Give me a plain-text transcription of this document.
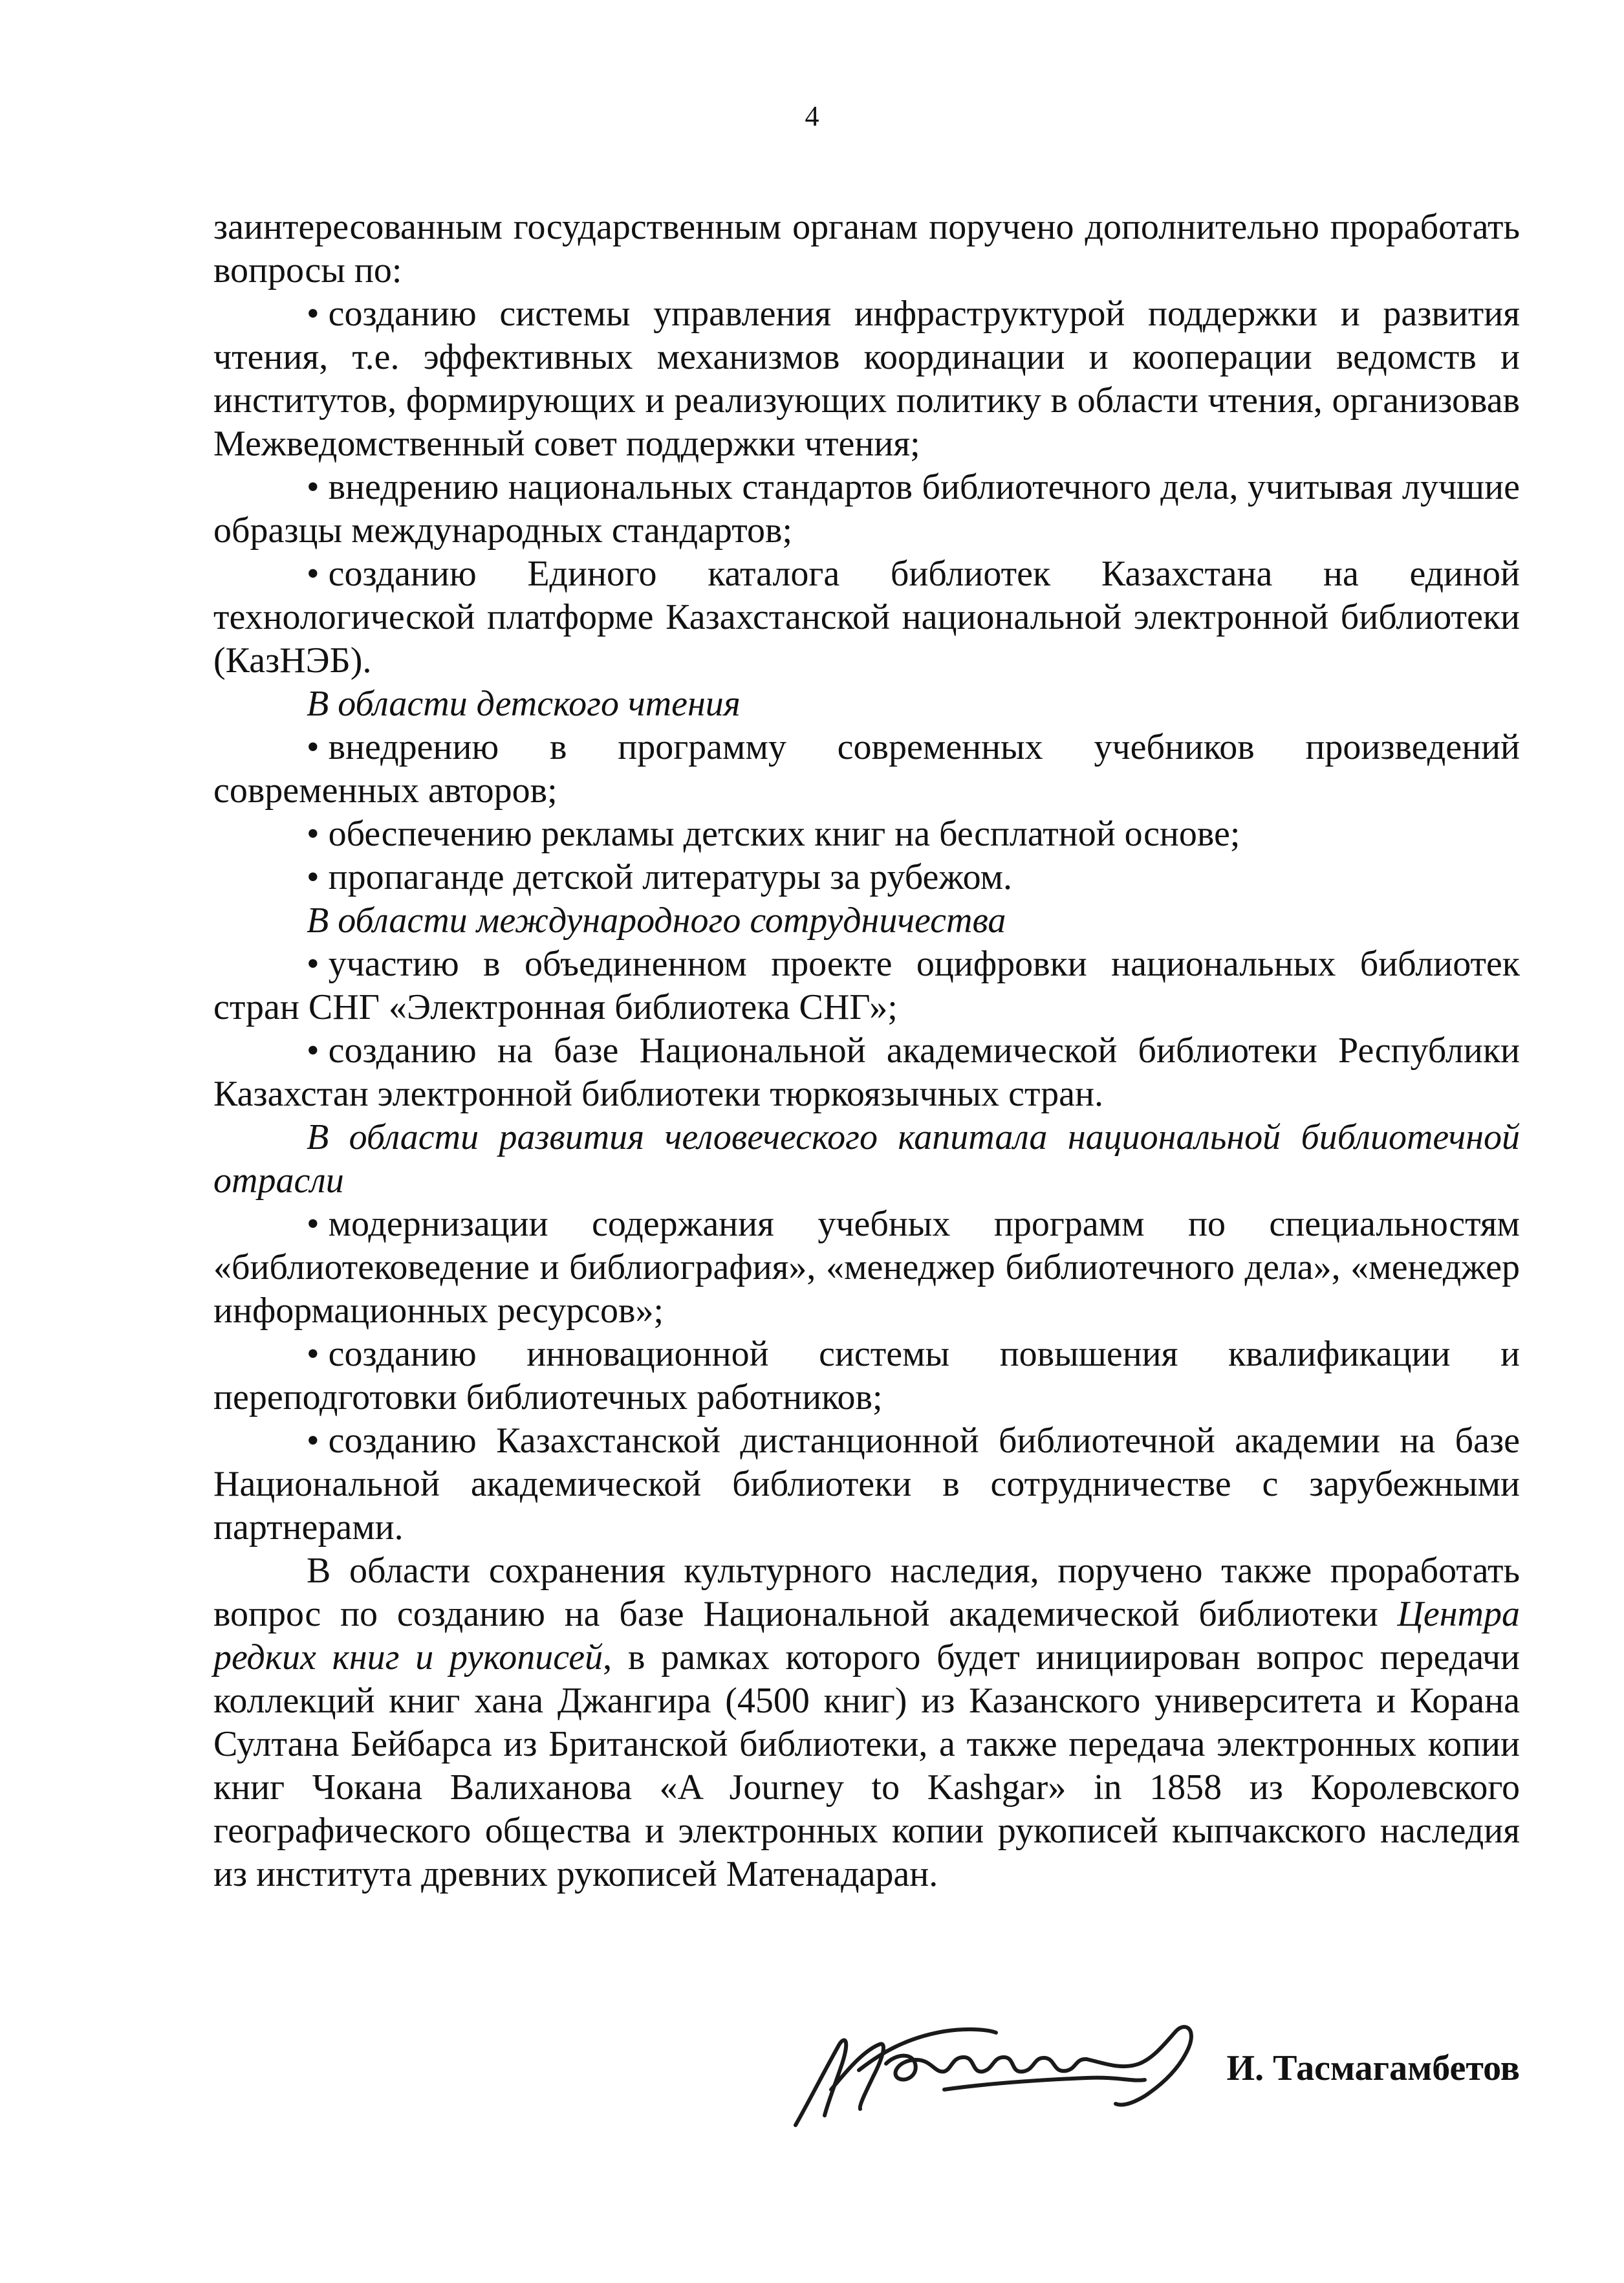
4

заинтересованным государственным органам поручено дополнительно проработать вопросы по:

• создaнию системы управления инфраструктурой поддержки и развития чтения, т.е. эффективных механизмов координации и кооперации ведомств и институтов, формирующих и реализующих политику в области чтения, организовав Межведомственный совет поддержки чтения;

• внедрению национальных стандартов библиотечного дела, учитывая лучшие образцы международных стандартов;

• созданию Единого каталога библиотек Казахстана на единой технологической платформе Казахстанской национальной электронной библиотеки (КазНЭБ).

В области детского чтения

• внедрению в программу современных учебников произведений современных авторов;

• обеспечению рекламы детских книг на бесплатной основе;

• пропаганде детской литературы за рубежом.

В области международного сотрудничества

• участию в объединенном проекте оцифровки национальных библиотек стран СНГ «Электронная библиотека СНГ»;

• созданию на базе Национальной академической библиотеки Республики Казахстан электронной библиотеки тюркоязычных стран.

В области развития человеческого капитала национальной библиотечной отрасли

• модернизации содержания учебных программ по специальностям «библиотековедение и библиография», «менеджер библиотечного дела», «менеджер информационных ресурсов»;

• созданию инновационной системы повышения квалификации и переподготовки библиотечных работников;

• созданию Казахстанской дистанционной библиотечной академии на базе Национальной академической библиотеки в сотрудничестве с зарубежными партнерами.

В области сохранения культурного наследия, поручено также проработать вопрос по созданию на базе Национальной академической библиотеки Центра редких книг и рукописей, в рамках которого будет инициирован вопрос передачи коллекций книг хана Джангира (4500 книг) из Казанского университета и Корана Султана Бейбарса из Британской библиотеки, а также передача электронных копии книг Чокана Валиханова «A Journey to Kashgar» in 1858 из Королевского географического общества и электронных копии рукописей кыпчакского наследия из института древних рукописей Матенадаран.

И. Тасмагамбетов
